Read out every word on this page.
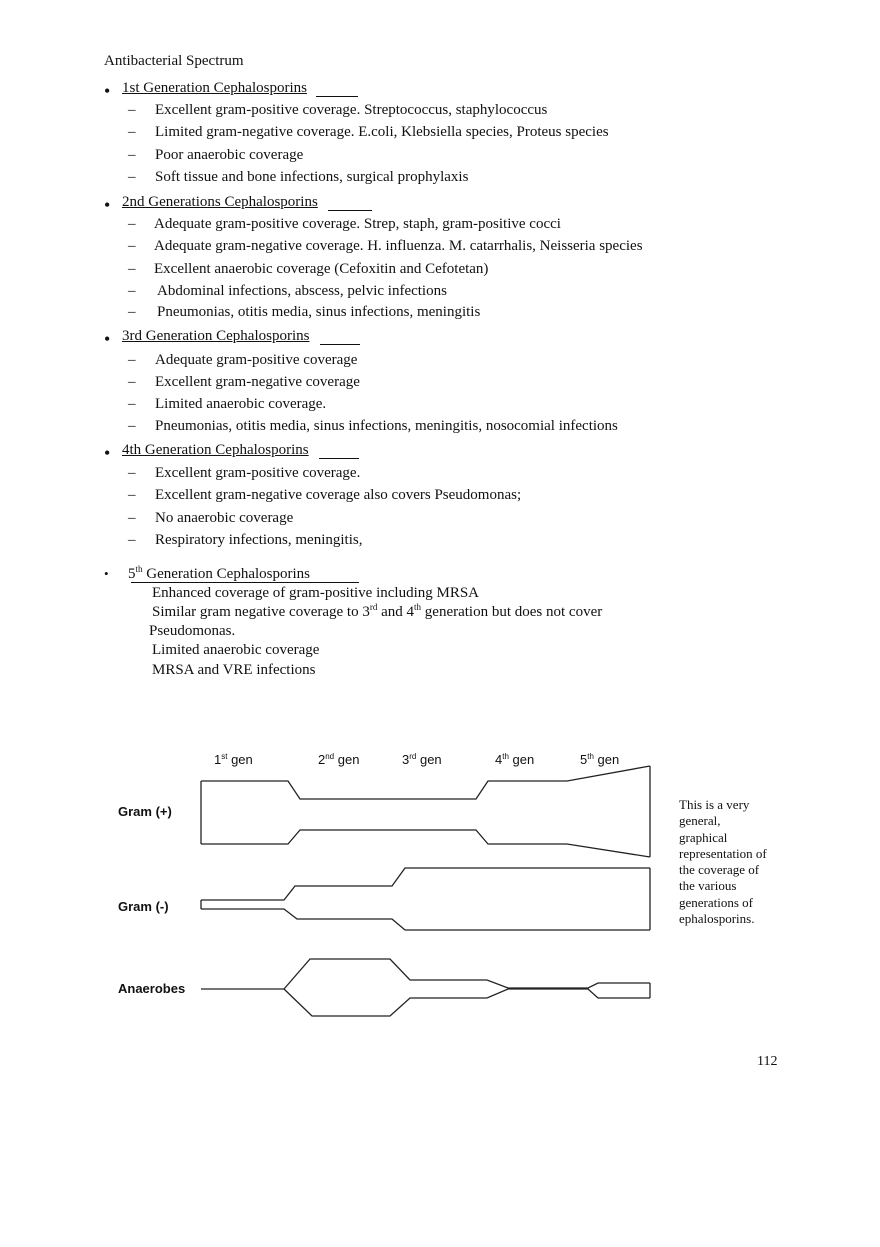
Antibacterial Spectrum
• 1st Generation Cephalosporins
– Excellent gram-positive coverage. Streptococcus, staphylococcus
– Limited gram-negative coverage. E.coli, Klebsiella species, Proteus species
– Poor anaerobic coverage
– Soft tissue and bone infections, surgical prophylaxis
• 2nd Generations Cephalosporins
– Adequate gram-positive coverage. Strep, staph, gram-positive cocci
– Adequate gram-negative coverage. H. influenza. M. catarrhalis, Neisseria species
– Excellent anaerobic coverage (Cefoxitin and Cefotetan)
– Abdominal infections, abscess, pelvic infections
– Pneumonias, otitis media, sinus infections, meningitis
• 3rd Generation Cephalosporins
– Adequate gram-positive coverage
– Excellent gram-negative coverage
– Limited anaerobic coverage.
– Pneumonias, otitis media, sinus infections, meningitis, nosocomial infections
• 4th Generation Cephalosporins
– Excellent gram-positive coverage.
– Excellent gram-negative coverage also covers Pseudomonas;
– No anaerobic coverage
– Respiratory infections, meningitis,
• 5th Generation Cephalosporins
Enhanced coverage of gram-positive including MRSA
Similar gram negative coverage to 3rd and 4th generation but does not cover
Pseudomonas.
Limited anaerobic coverage
MRSA and VRE infections
1st gen	2nd gen	3rd gen	4th gen	5th gen
Gram (+)
Gram (-)
Anaerobes
This is a very general, graphical representation of the coverage of the various generations of ephalosporins.
112
